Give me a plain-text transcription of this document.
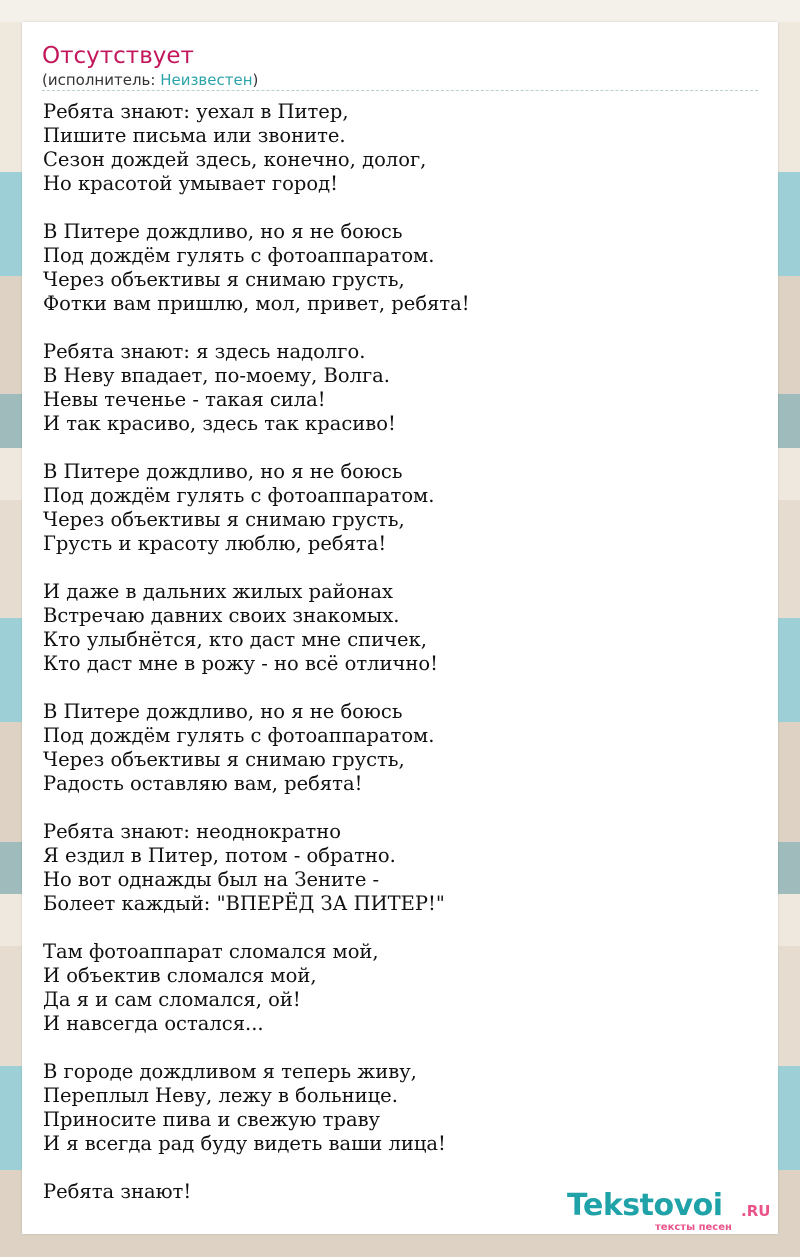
Отсутствует
(исполнитель: Неизвестен)
Ребята знают: уехал в Питер,
Пишите письма или звоните.
Сезон дождей здесь, конечно, долог,
Но красотой умывает город!

В Питере дождливо, но я не боюсь
Под дождём гулять с фотоаппаратом.
Через объективы я снимаю грусть,
Фотки вам пришлю, мол, привет, ребята!

Ребята знают: я здесь надолго.
В Неву впадает, по-моему, Волга.
Невы теченье - такая сила!
И так красиво, здесь так красиво!

В Питере дождливо, но я не боюсь
Под дождём гулять с фотоаппаратом.
Через объективы я снимаю грусть,
Грусть и красоту люблю, ребята!

И даже в дальних жилых районах
Встречаю давних своих знакомых.
Кто улыбнётся, кто даст мне спичек,
Кто даст мне в рожу - но всё отлично!

В Питере дождливо, но я не боюсь
Под дождём гулять с фотоаппаратом.
Через объективы я снимаю грусть,
Радость оставляю вам, ребята!

Ребята знают: неоднократно
Я ездил в Питер, потом - обратно.
Но вот однажды был на Зените -
Болеет каждый: "ВПЕРЁД ЗА ПИТЕР!"

Там фотоаппарат сломался мой,
И объектив сломался мой,
Да я и сам сломался, ой!
И навсегда остался...

В городе дождливом я теперь живу,
Переплыл Неву, лежу в больнице.
Приносите пива и свежую траву
И я всегда рад буду видеть ваши лица!

Ребята знают!	Tekstovoi .RU
тексты песен
